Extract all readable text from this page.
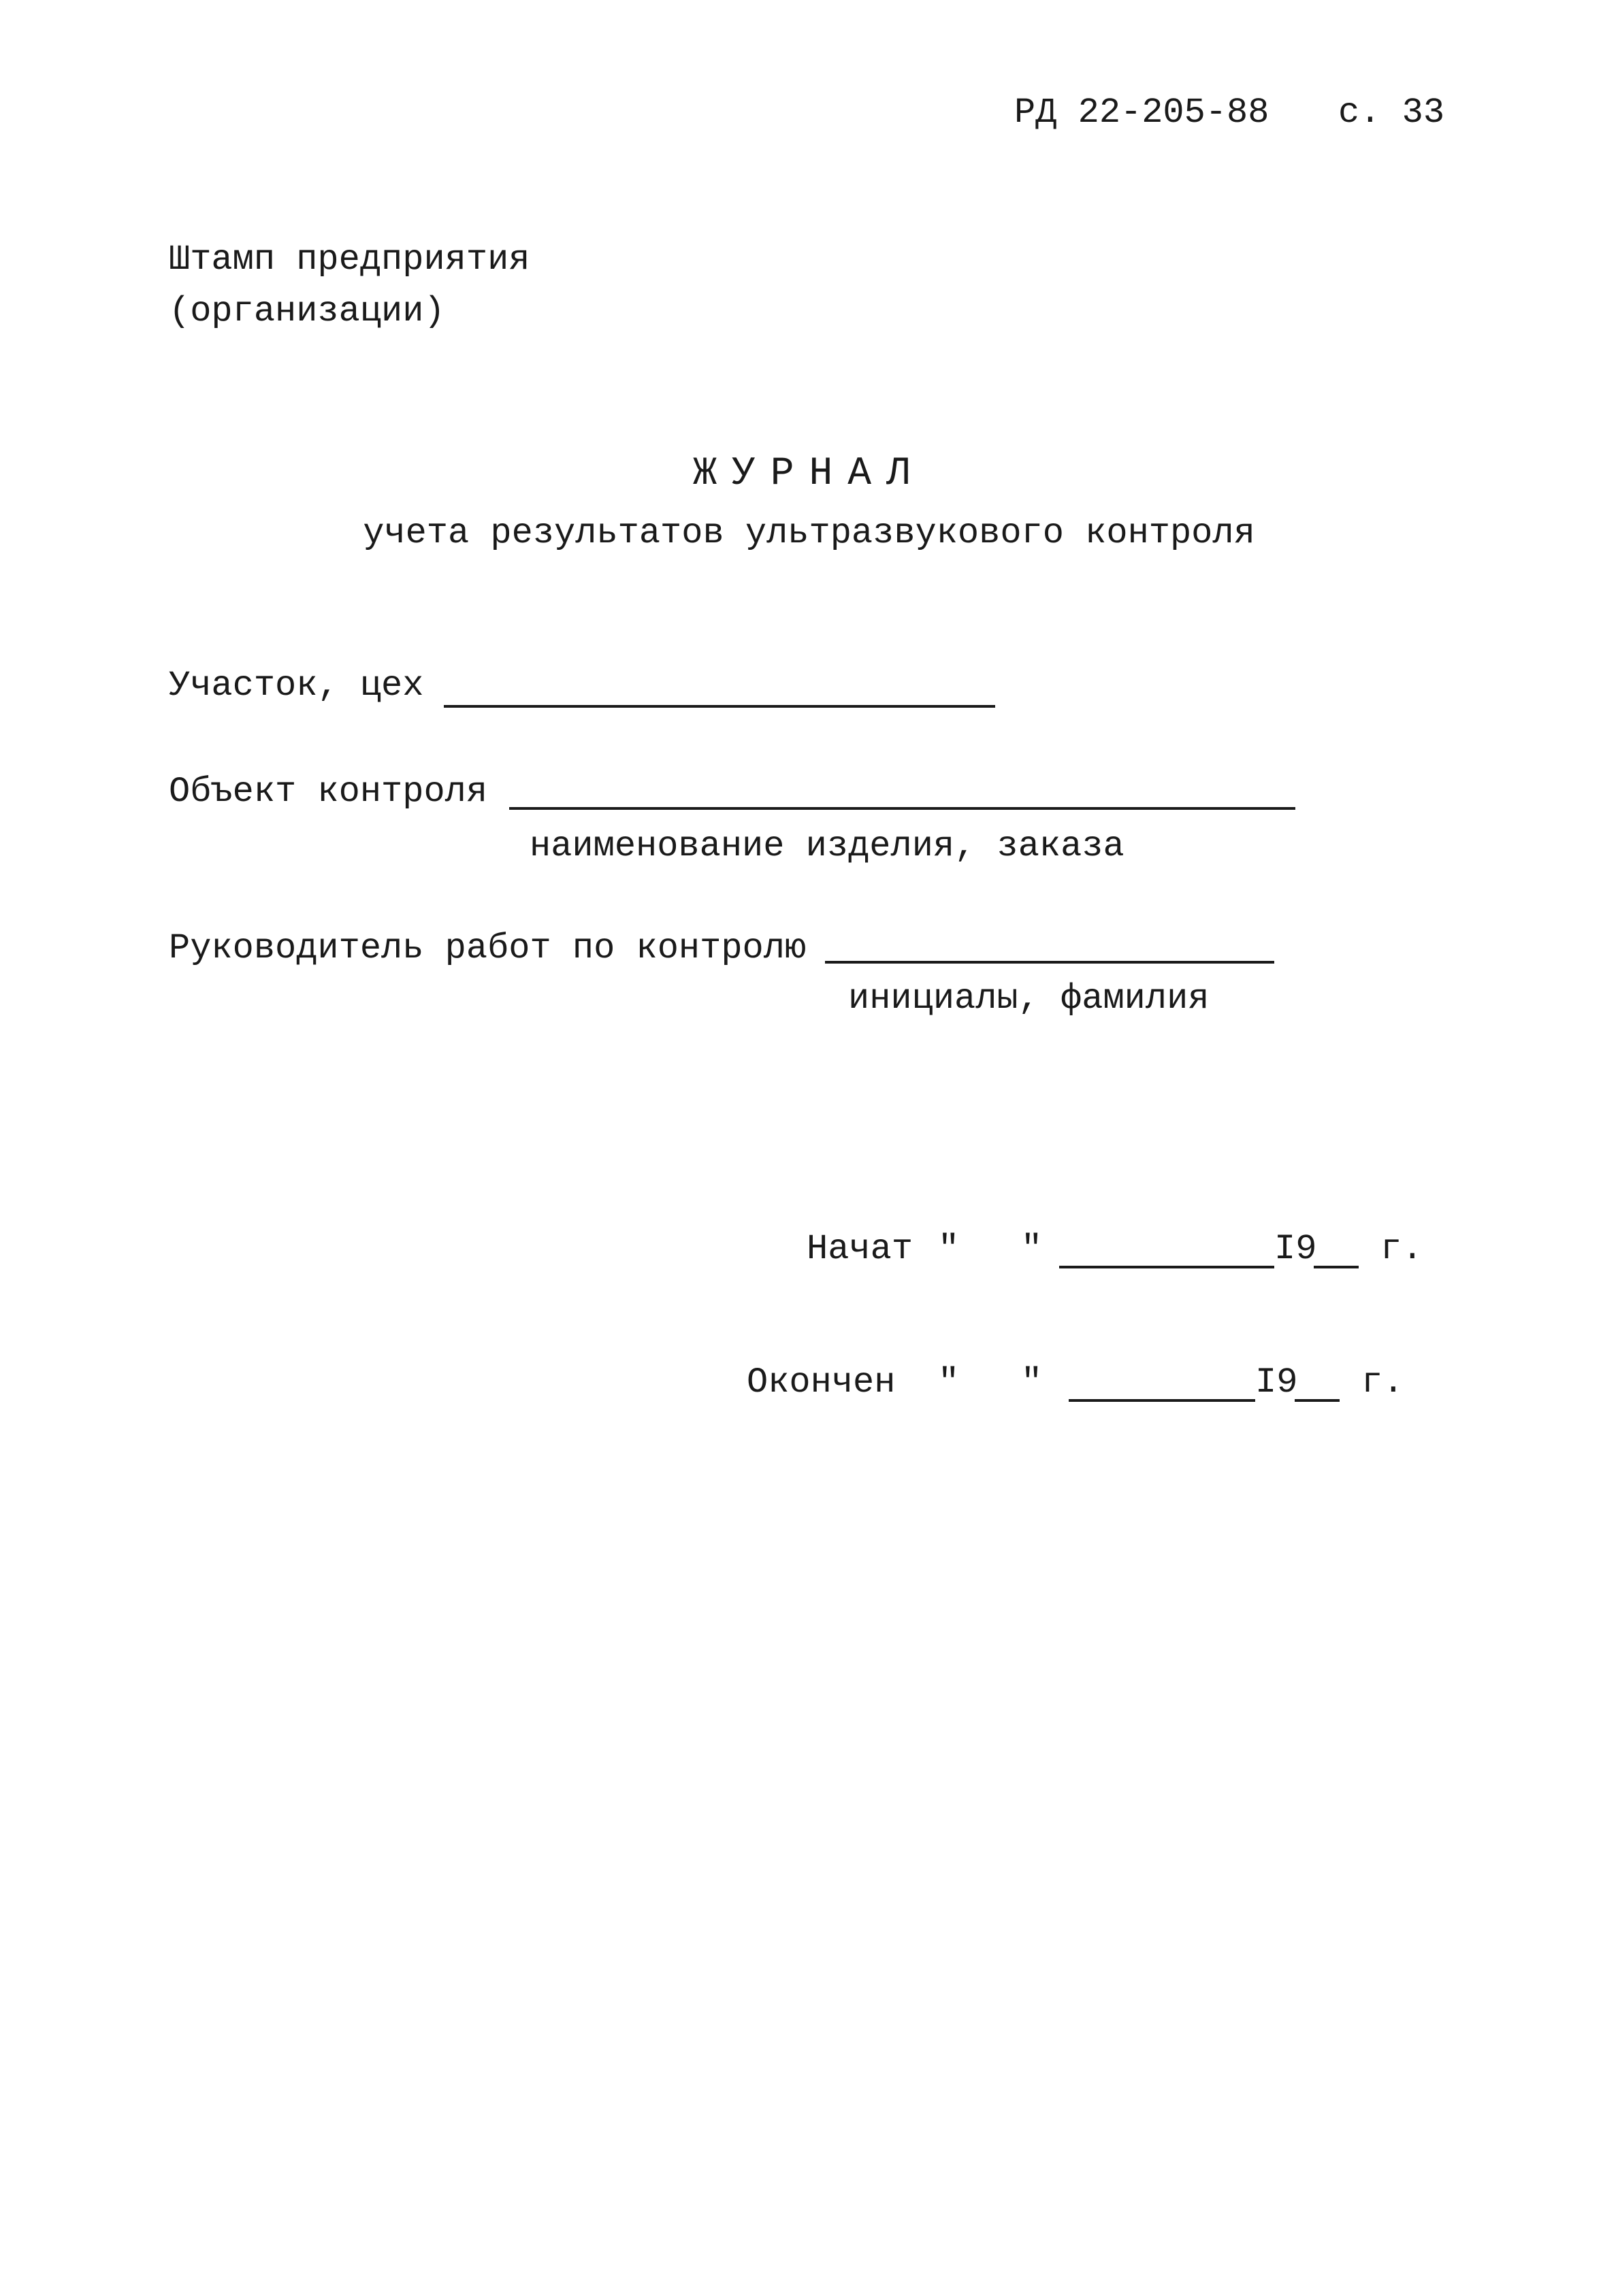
РД 22-205-88 с. 33
Штамп предприятия
(организации)
ЖУРНАЛ
учета результатов ультразвукового контроля
Участок, цех
Объект контроля
наименование изделия, заказа
Руководитель работ по контролю
инициалы, фамилия
Начат " "	I9 г.
Окончен " "	I9 г.
